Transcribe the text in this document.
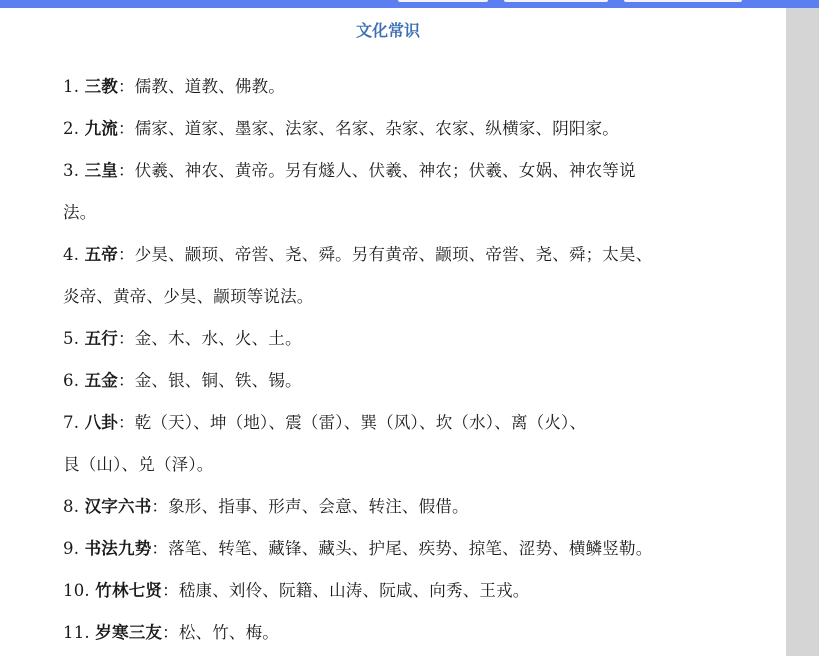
文化常识
1. 三教：儒教、道教、佛教。
2. 九流：儒家、道家、墨家、法家、名家、杂家、农家、纵横家、阴阳家。
3. 三皇：伏羲、神农、黄帝。另有燧人、伏羲、神农；伏羲、女娲、神农等说
法。
4. 五帝：少昊、颛顼、帝喾、尧、舜。另有黄帝、颛顼、帝喾、尧、舜；太昊、
炎帝、黄帝、少昊、颛顼等说法。
5. 五行：金、木、水、火、土。
6. 五金：金、银、铜、铁、锡。
7. 八卦：乾（天）、坤（地）、震（雷）、巽（风）、坎（水）、离（火）、
艮（山）、兑（泽）。
8. 汉字六书：象形、指事、形声、会意、转注、假借。
9. 书法九势：落笔、转笔、藏锋、藏头、护尾、疾势、掠笔、涩势、横鳞竖勒。
10. 竹林七贤：嵇康、刘伶、阮籍、山涛、阮咸、向秀、王戎。
11. 岁寒三友：松、竹、梅。
